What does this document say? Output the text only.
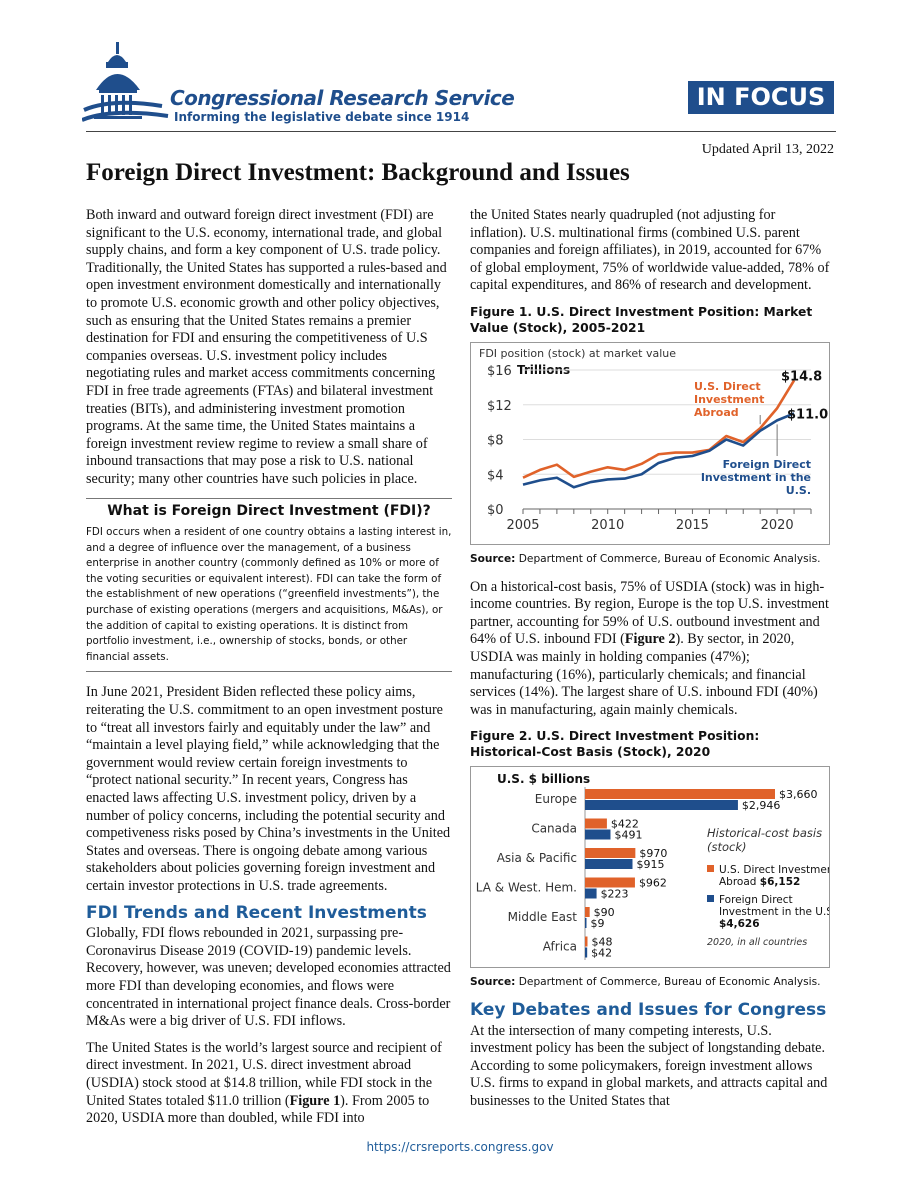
Congressional Research Service
Informing the legislative debate since 1914
IN FOCUS
Updated April 13, 2022
Foreign Direct Investment: Background and Issues

Both inward and outward foreign direct investment (FDI) are significant to the U.S. economy, international trade, and global supply chains, and form a key component of U.S. trade policy. Traditionally, the United States has supported a rules-based and open investment environment domestically and internationally to promote U.S. economic growth and other policy objectives, such as ensuring that the United States remains a premier destination for FDI and ensuring the competitiveness of U.S companies overseas. U.S. investment policy includes negotiating rules and market access commitments concerning FDI in free trade agreements (FTAs) and bilateral investment treaties (BITs), and administering investment promotion programs. At the same time, the United States maintains a foreign investment review regime to review a small share of inbound transactions that may pose a risk to U.S. national security; many other countries have such policies in place.

What is Foreign Direct Investment (FDI)?
FDI occurs when a resident of one country obtains a lasting interest in, and a degree of influence over the management, of a business enterprise in another country (commonly defined as 10% or more of the voting securities or equivalent interest). FDI can take the form of the establishment of new operations (“greenfield investments”), the purchase of existing operations (mergers and acquisitions, M&As), or the addition of capital to existing operations. It is distinct from portfolio investment, i.e., ownership of stocks, bonds, or other financial assets.

In June 2021, President Biden reflected these policy aims, reiterating the U.S. commitment to an open investment posture to “treat all investors fairly and equitably under the law” and “maintain a level playing field,” while acknowledging that the government would review certain foreign investments to “protect national security.” In recent years, Congress has enacted laws affecting U.S. investment policy, driven by a number of policy concerns, including the potential security and competiveness risks posed by China’s investments in the United States and overseas. There is ongoing debate among various stakeholders about policies governing foreign investment and certain investor protections in U.S. trade agreements.

FDI Trends and Recent Investments

Globally, FDI flows rebounded in 2021, surpassing pre-Coronavirus Disease 2019 (COVID-19) pandemic levels. Recovery, however, was uneven; developed economies attracted more FDI than developing economies, and flows were concentrated in international project finance deals. Cross-border M&As were a big driver of U.S. FDI inflows.

The United States is the world’s largest source and recipient of direct investment. In 2021, U.S. direct investment abroad (USDIA) stock stood at $14.8 trillion, while FDI stock in the United States totaled $11.0 trillion (Figure 1). From 2005 to 2020, USDIA more than doubled, while FDI into

the United States nearly quadrupled (not adjusting for inflation). U.S. multinational firms (combined U.S. parent companies and foreign affiliates), in 2019, accounted for 67% of global employment, 75% of worldwide value-added, 78% of capital expenditures, and 86% of research and development.

Figure 1. U.S. Direct Investment Position: Market Value (Stock), 2005-2021
FDI position (stock) at market value
Trillions
$0
$4
$8
$12
$16
2005	2010	2015	2020
$14.8
$11.0
U.S. Direct
Investment
Abroad
Foreign Direct
Investment in the
U.S.
Source: Department of Commerce, Bureau of Economic Analysis.

On a historical-cost basis, 75% of USDIA (stock) was in high-income countries. By region, Europe is the top U.S. investment partner, accounting for 59% of U.S. outbound investment and 64% of U.S. inbound FDI (Figure 2). By sector, in 2020, USDIA was mainly in holding companies (47%); manufacturing (16%), particularly chemicals; and financial services (14%). The largest share of U.S. inbound FDI (40%) was in manufacturing, again mainly chemicals.

Figure 2. U.S. Direct Investment Position: Historical-Cost Basis (Stock), 2020
U.S. $ billions
Europe	$3,660
$2,946
Canada	$422
$491
Asia & Pacific	$970
$915
LA & West. Hem.	$962
$223
Middle East $90
$9
Africa $48
$42
Historical-cost basis
(stock)
U.S. Direct Investment
Abroad $6,152
Foreign Direct
Investment in the U.S.
$4,626
2020, in all countries
Source: Department of Commerce, Bureau of Economic Analysis.
Key Debates and Issues for Congress

At the intersection of many competing interests, U.S. investment policy has been the subject of longstanding debate. According to some policymakers, foreign investment allows U.S. firms to expand in global markets, and attracts capital and businesses to the United States that

https://crsreports.congress.gov
